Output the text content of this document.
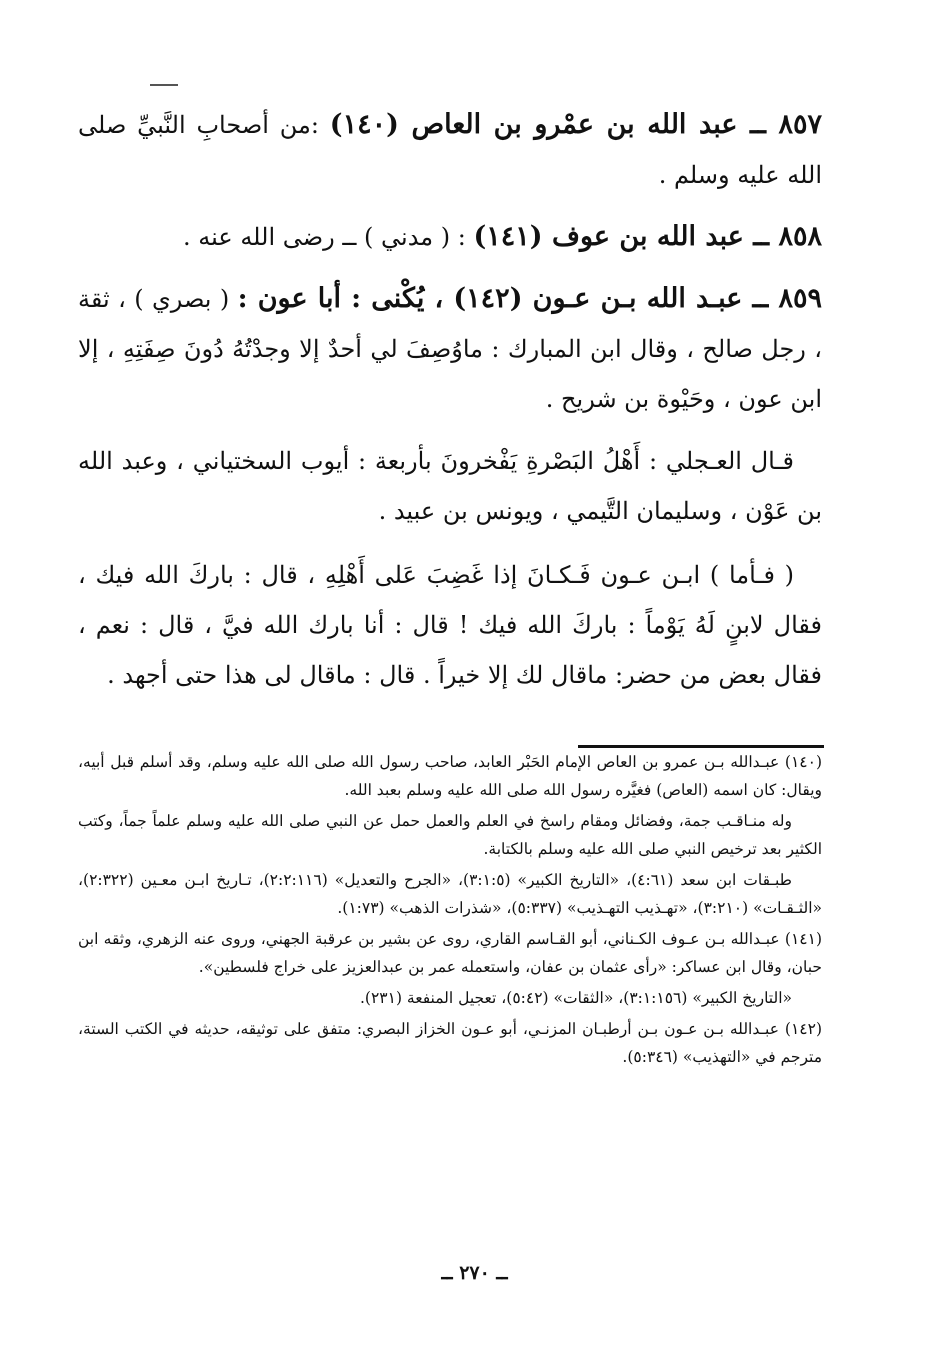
٨٥٧ ــ عبد الله بن عمْرو بن العاص (١٤٠) :من أصحابِ النَّبيِّ صلى الله عليه وسلم .

٨٥٨ ــ عبد الله بن عوف (١٤١) : ( مدني ) ــ رضى الله عنه .

٨٥٩ ــ عبـد الله بـن عـون (١٤٢) ، يُكْنى : أبا عون : ( بصري ) ، ثقة ، رجل صالح ، وقال ابن المبارك : ماوُصِفَ لي أحدٌ إلا وجدْتُهُ دُونَ صِفَتِهِ ، إلا ابن عون ، وحَيْوة بن شريح .

قـال العـجلي : أَهْلُ البَصْرةِ يَفْخرونَ بأربعة : أيوب السختياني ، وعبد الله بن عَوْن ، وسليمان التَّيمي ، ويونس بن عبيد .

( فـأما ) ابـن عـون فَـكـانَ إذا غَضِبَ عَلى أَهْلِهِ ، قال : باركَ الله فيك ، فقال لابنٍ لَهُ يَوْماً : باركَ الله فيك ! قال : أنا بارك الله فيَّ ، قال : نعم ، فقال بعض من حضر: ماقال لك إلا خيراً . قال : ماقال لى هذا حتى أجهد .

(١٤٠) عبـدالله بـن عمرو بن العاص الإمام الحَبْر العابد، صاحب رسول الله صلى الله عليه وسلم، وقد أسلم قبل أبيه، ويقال: كان اسمه (العاص) فغيَّره رسول الله صلى الله عليه وسلم بعبد الله.

وله منـاقـب جمة، وفضائل ومقام راسخ في العلم والعمل حمل عن النبي صلى الله عليه وسلم علماً جماً، وكتب الكثير بعد ترخيص النبي صلى الله عليه وسلم بالكتابة.

طبـقات ابن سعد (٤:٦١)، «التاريخ الكبير» (٣:١:٥)، «الجرح والتعديل» (٢:٢:١١٦)، تـاريخ ابـن معـين (٢:٣٢٢)، «الثـقـات» (٣:٢١٠)، «تهـذيب التهـذيب» (٥:٣٣٧)، «شذرات الذهب» (١:٧٣).

(١٤١) عبـدالله بـن عـوف الكـناني، أبو القـاسم القاري، روى عن بشير بن عرقبة الجهني، وروى عنه الزهري، وثقه ابن حبان، وقال ابن عساكر: «رأى عثمان بن عفان، واستعمله عمر بن عبدالعزيز على خراج فلسطين».

«التاريخ الكبير» (٣:١:١٥٦)، «الثقات» (٥:٤٢)، تعجيل المنفعة (٢٣١).

(١٤٢) عبـدالله بـن عـون بـن أرطبـان المزنـي، أبو عـون الخزاز البصري: متفق على توثيقه، حديثه في الكتب الستة، مترجم في «التهذيب» (٥:٣٤٦).

ــ ٢٧٠ ــ
